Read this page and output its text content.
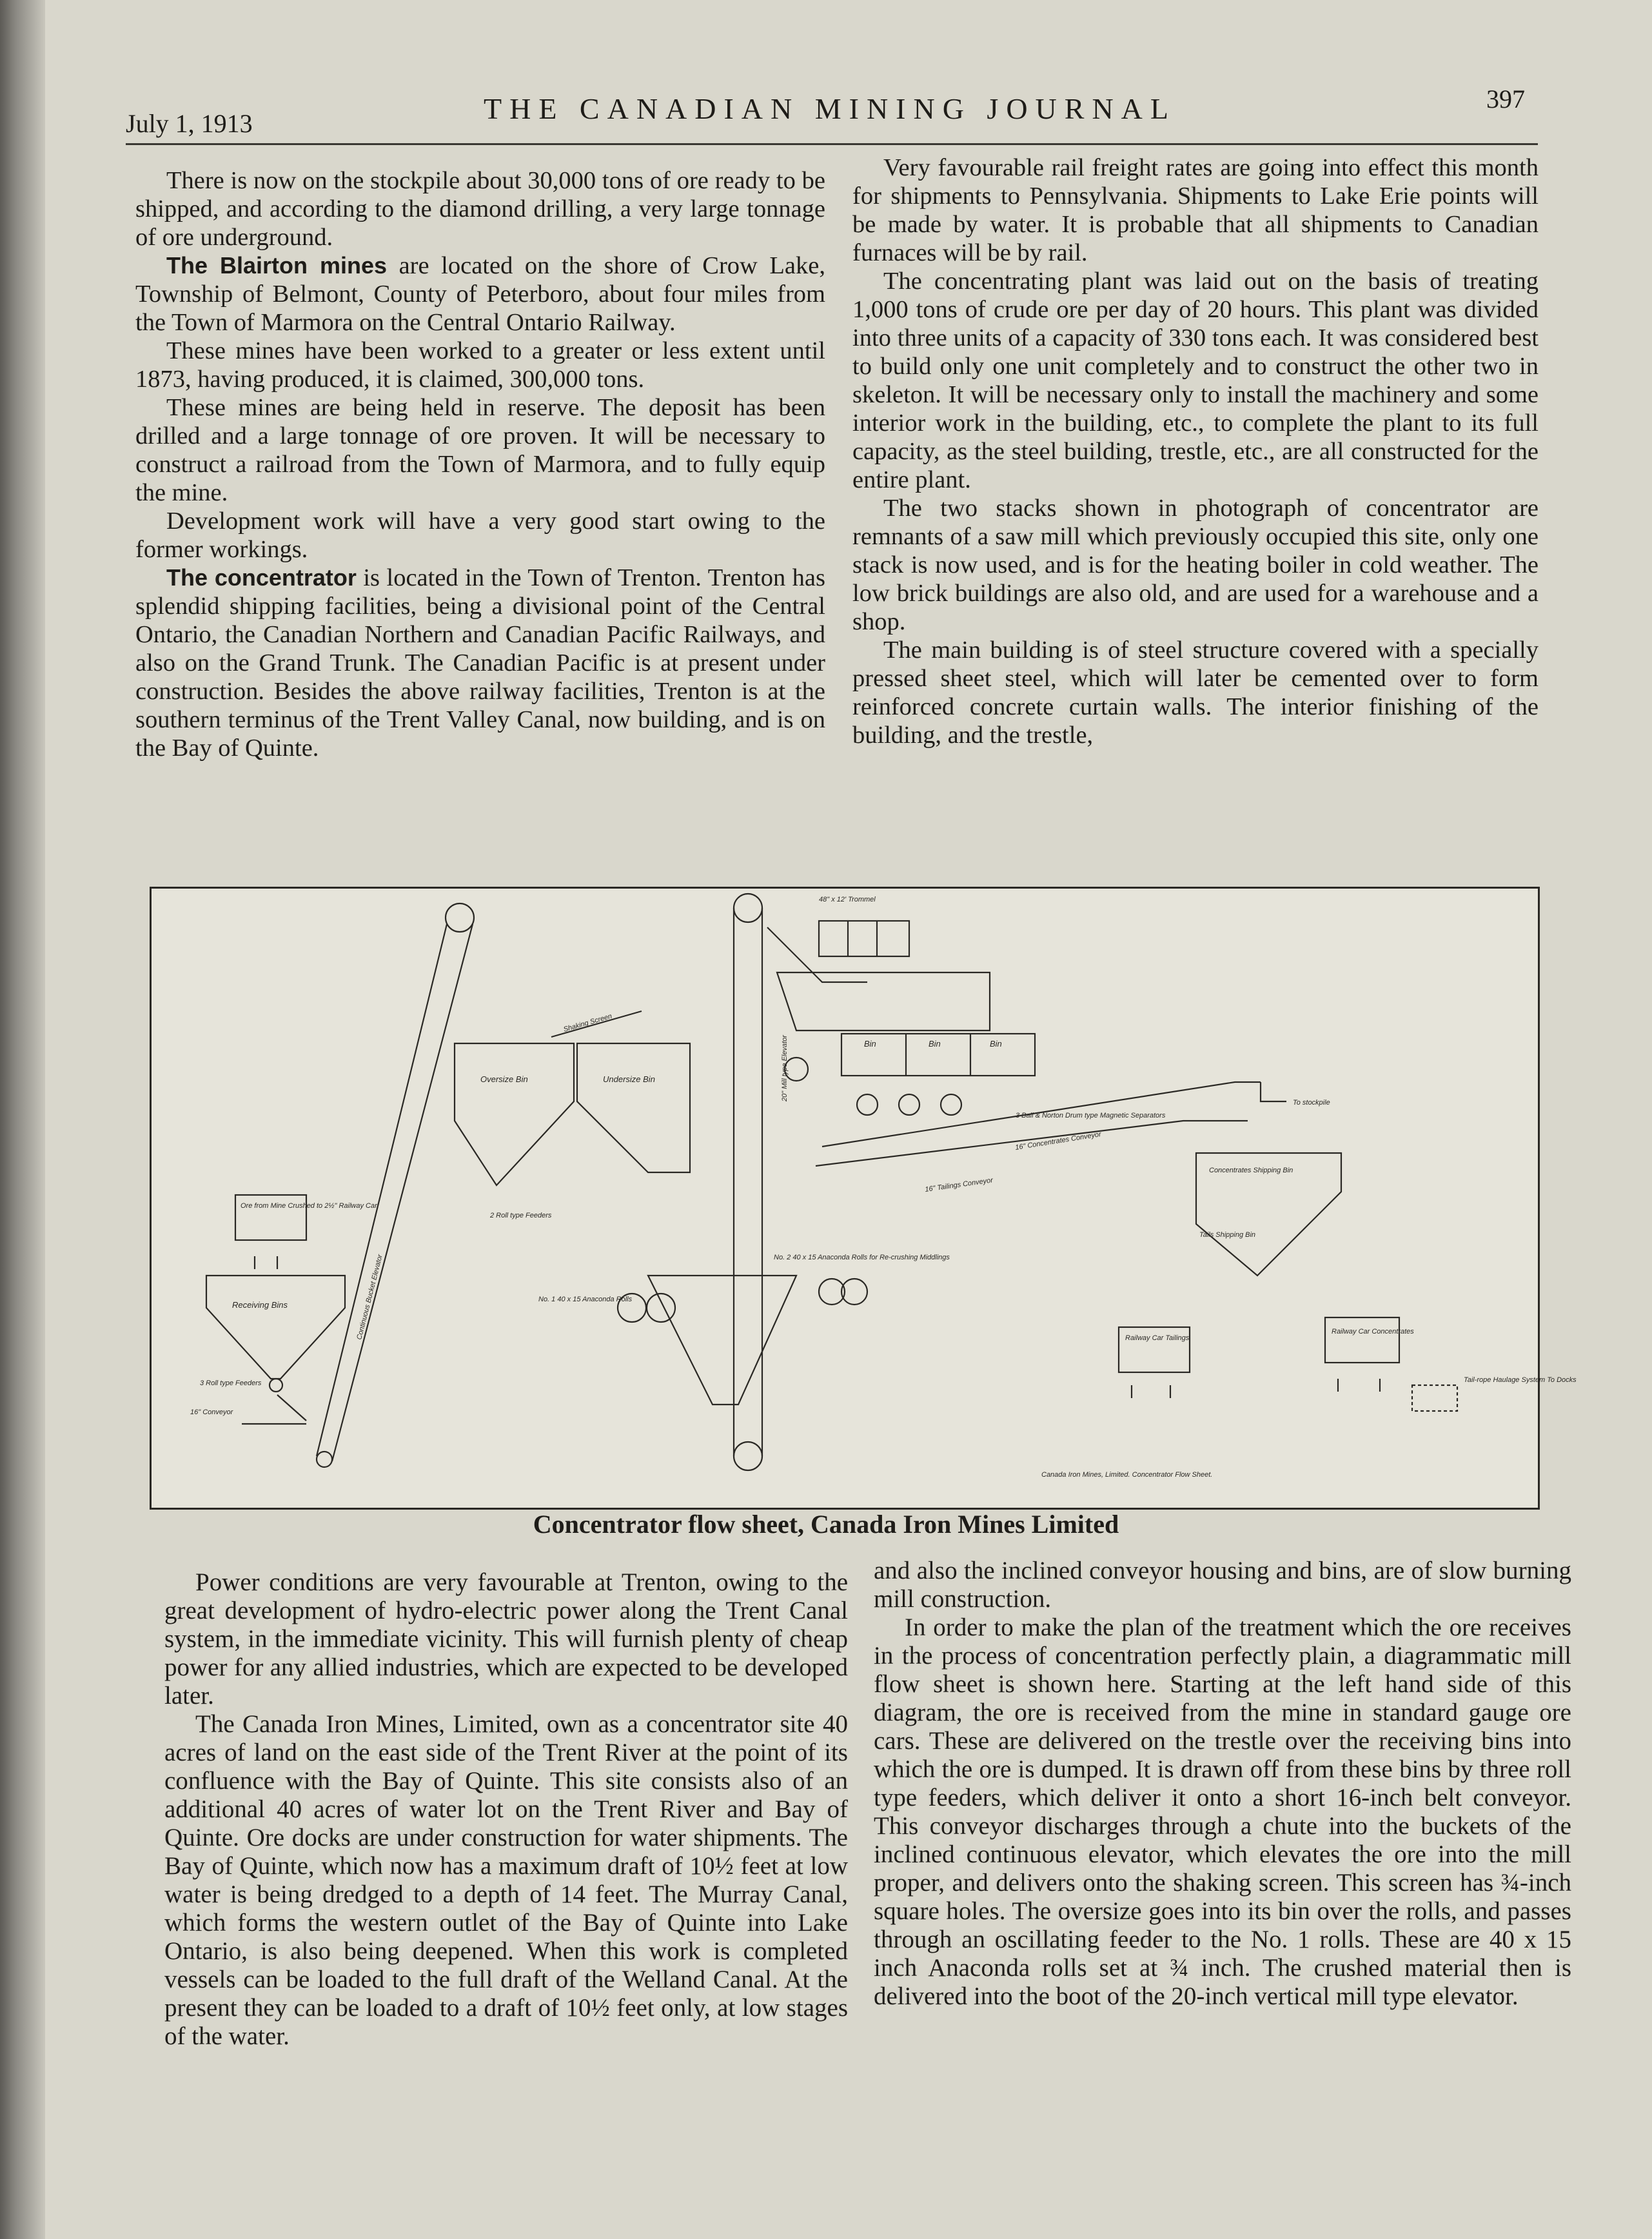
July 1, 1913	THE CANADIAN MINING JOURNAL	397

There is now on the stockpile about 30,000 tons of ore ready to be shipped, and according to the diamond drilling, a very large tonnage of ore underground.

The Blairton mines are located on the shore of Crow Lake, Township of Belmont, County of Peterboro, about four miles from the Town of Marmora on the Central Ontario Railway.

These mines have been worked to a greater or less extent until 1873, having produced, it is claimed, 300,000 tons.

These mines are being held in reserve. The deposit has been drilled and a large tonnage of ore proven. It will be necessary to construct a railroad from the Town of Marmora, and to fully equip the mine.

Development work will have a very good start owing to the former workings.

The concentrator is located in the Town of Trenton. Trenton has splendid shipping facilities, being a divisional point of the Central Ontario, the Canadian Northern and Canadian Pacific Railways, and also on the Grand Trunk. The Canadian Pacific is at present under construction. Besides the above railway facilities, Trenton is at the southern terminus of the Trent Valley Canal, now building, and is on the Bay of Quinte.

Very favourable rail freight rates are going into effect this month for shipments to Pennsylvania. Shipments to Lake Erie points will be made by water. It is probable that all shipments to Canadian furnaces will be by rail.

The concentrating plant was laid out on the basis of treating 1,000 tons of crude ore per day of 20 hours. This plant was divided into three units of a capacity of 330 tons each. It was considered best to build only one unit completely and to construct the other two in skeleton. It will be necessary only to install the machinery and some interior work in the building, etc., to complete the plant to its full capacity, as the steel building, trestle, etc., are all constructed for the entire plant.

The two stacks shown in photograph of concentrator are remnants of a saw mill which previously occupied this site, only one stack is now used, and is for the heating boiler in cold weather. The low brick buildings are also old, and are used for a warehouse and a shop.

The main building is of steel structure covered with a specially pressed sheet steel, which will later be cemented over to form reinforced concrete curtain walls. The interior finishing of the building, and the trestle,

Ore from Mine Crushed to 2½" Railway Car
Receiving Bins
3 Roll type Feeders
16" Conveyor
Continuous Bucket Elevator
Shaking Screen
Oversize Bin	Undersize Bin
2 Roll type Feeders
No. 1 40 x 15 Anaconda Rolls
20" Mill type Elevator
No. 2 40 x 15 Anaconda Rolls for Re-crushing Middlings
48" x 12' Trommel
Bin	Bin	Bin
3 Ball & Norton Drum type Magnetic Separators
16" Concentrates Conveyor
16" Tailings Conveyor
To stockpile
Concentrates Shipping Bin
Tails Shipping Bin
Railway Car Tailings
Railway Car Concentrates
Tail-rope Haulage System To Docks
Canada Iron Mines, Limited. Concentrator Flow Sheet.
Concentrator flow sheet, Canada Iron Mines Limited

Power conditions are very favourable at Trenton, owing to the great development of hydro-electric power along the Trent Canal system, in the immediate vicinity. This will furnish plenty of cheap power for any allied industries, which are expected to be developed later.

The Canada Iron Mines, Limited, own as a concentrator site 40 acres of land on the east side of the Trent River at the point of its confluence with the Bay of Quinte. This site consists also of an additional 40 acres of water lot on the Trent River and Bay of Quinte. Ore docks are under construction for water shipments. The Bay of Quinte, which now has a maximum draft of 10½ feet at low water is being dredged to a depth of 14 feet. The Murray Canal, which forms the western outlet of the Bay of Quinte into Lake Ontario, is also being deepened. When this work is completed vessels can be loaded to the full draft of the Welland Canal. At the present they can be loaded to a draft of 10½ feet only, at low stages of the water.

and also the inclined conveyor housing and bins, are of slow burning mill construction.

In order to make the plan of the treatment which the ore receives in the process of concentration perfectly plain, a diagrammatic mill flow sheet is shown here. Starting at the left hand side of this diagram, the ore is received from the mine in standard gauge ore cars. These are delivered on the trestle over the receiving bins into which the ore is dumped. It is drawn off from these bins by three roll type feeders, which deliver it onto a short 16-inch belt conveyor. This conveyor discharges through a chute into the buckets of the inclined continuous elevator, which elevates the ore into the mill proper, and delivers onto the shaking screen. This screen has ¾-inch square holes. The oversize goes into its bin over the rolls, and passes through an oscillating feeder to the No. 1 rolls. These are 40 x 15 inch Anaconda rolls set at ¾ inch. The crushed material then is delivered into the boot of the 20-inch vertical mill type elevator.
